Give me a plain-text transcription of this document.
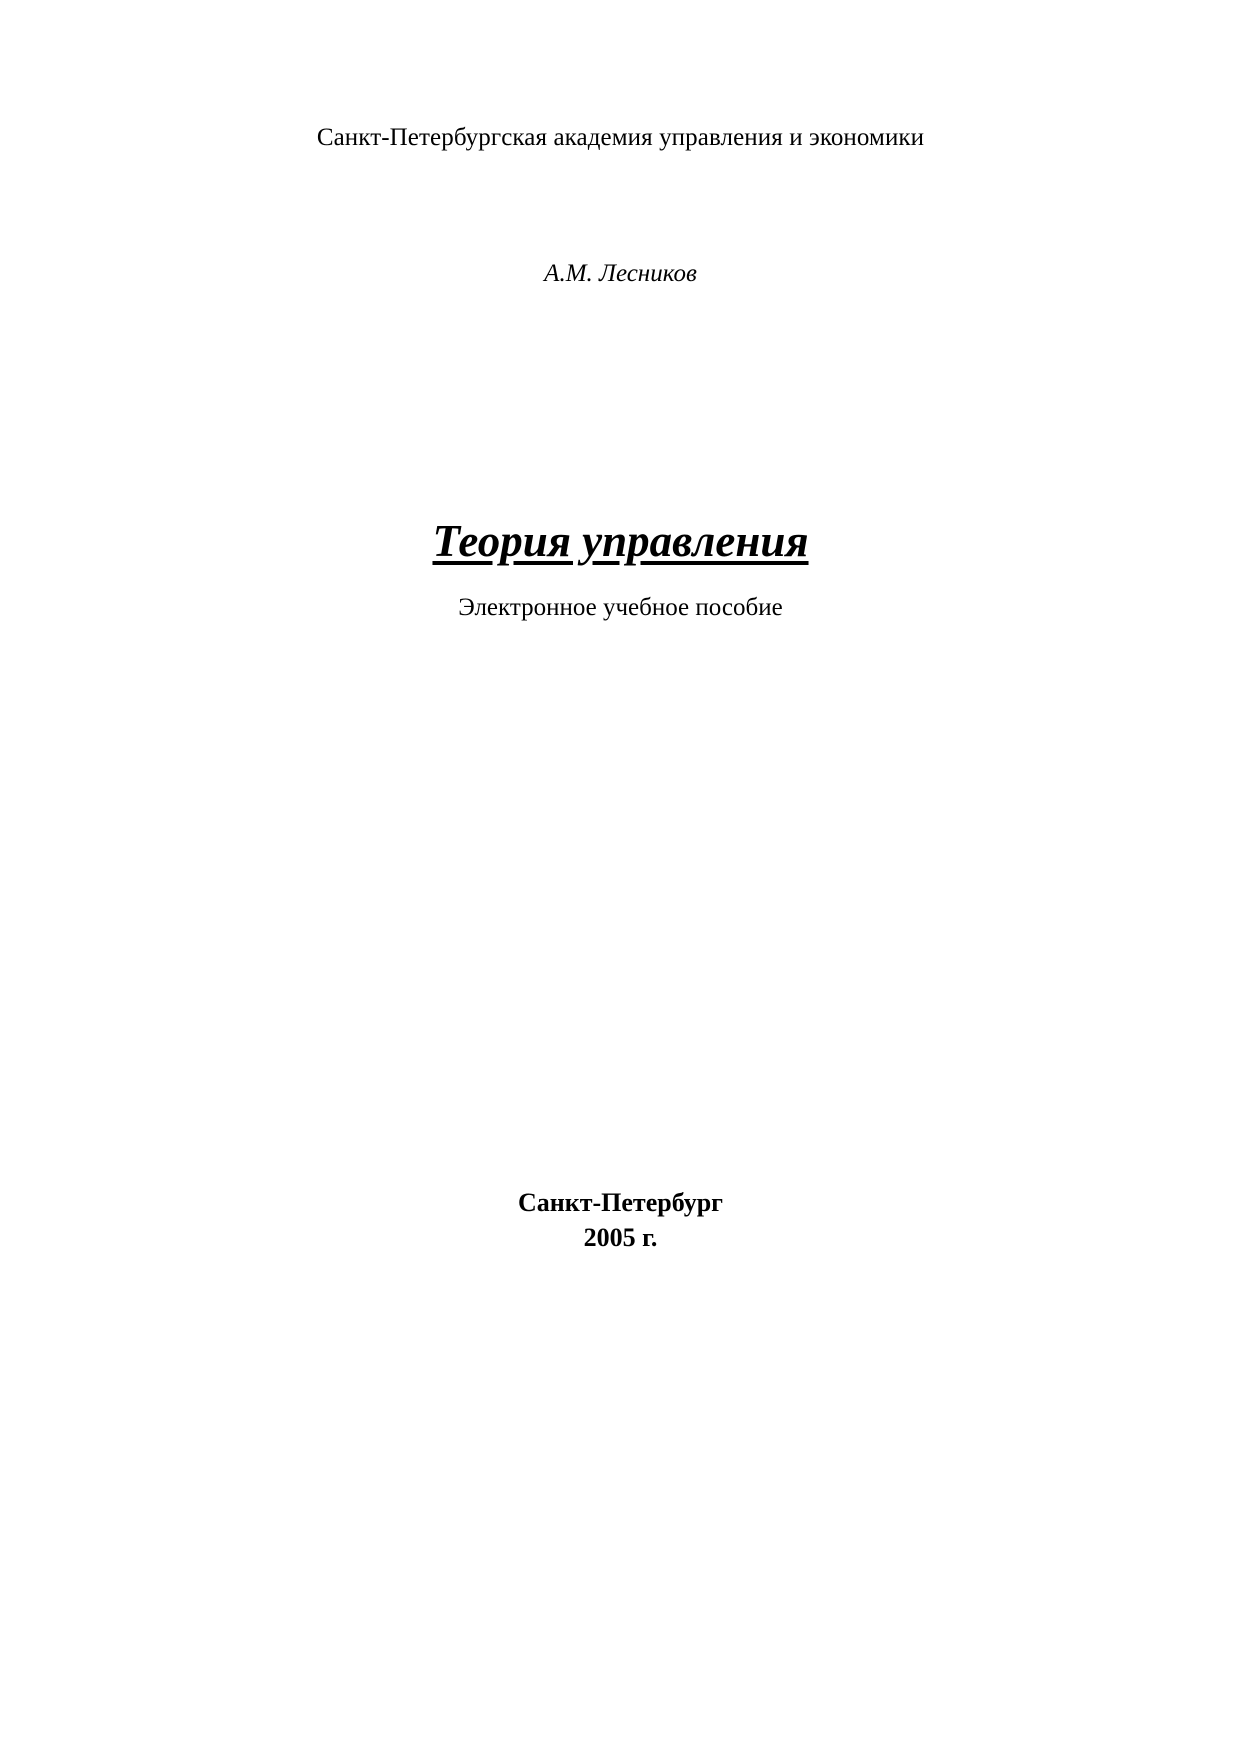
Санкт-Петербургская академия управления и экономики
А.М. Лесников
Теория управления
Электронное учебное пособие
Санкт-Петербург
2005 г.
